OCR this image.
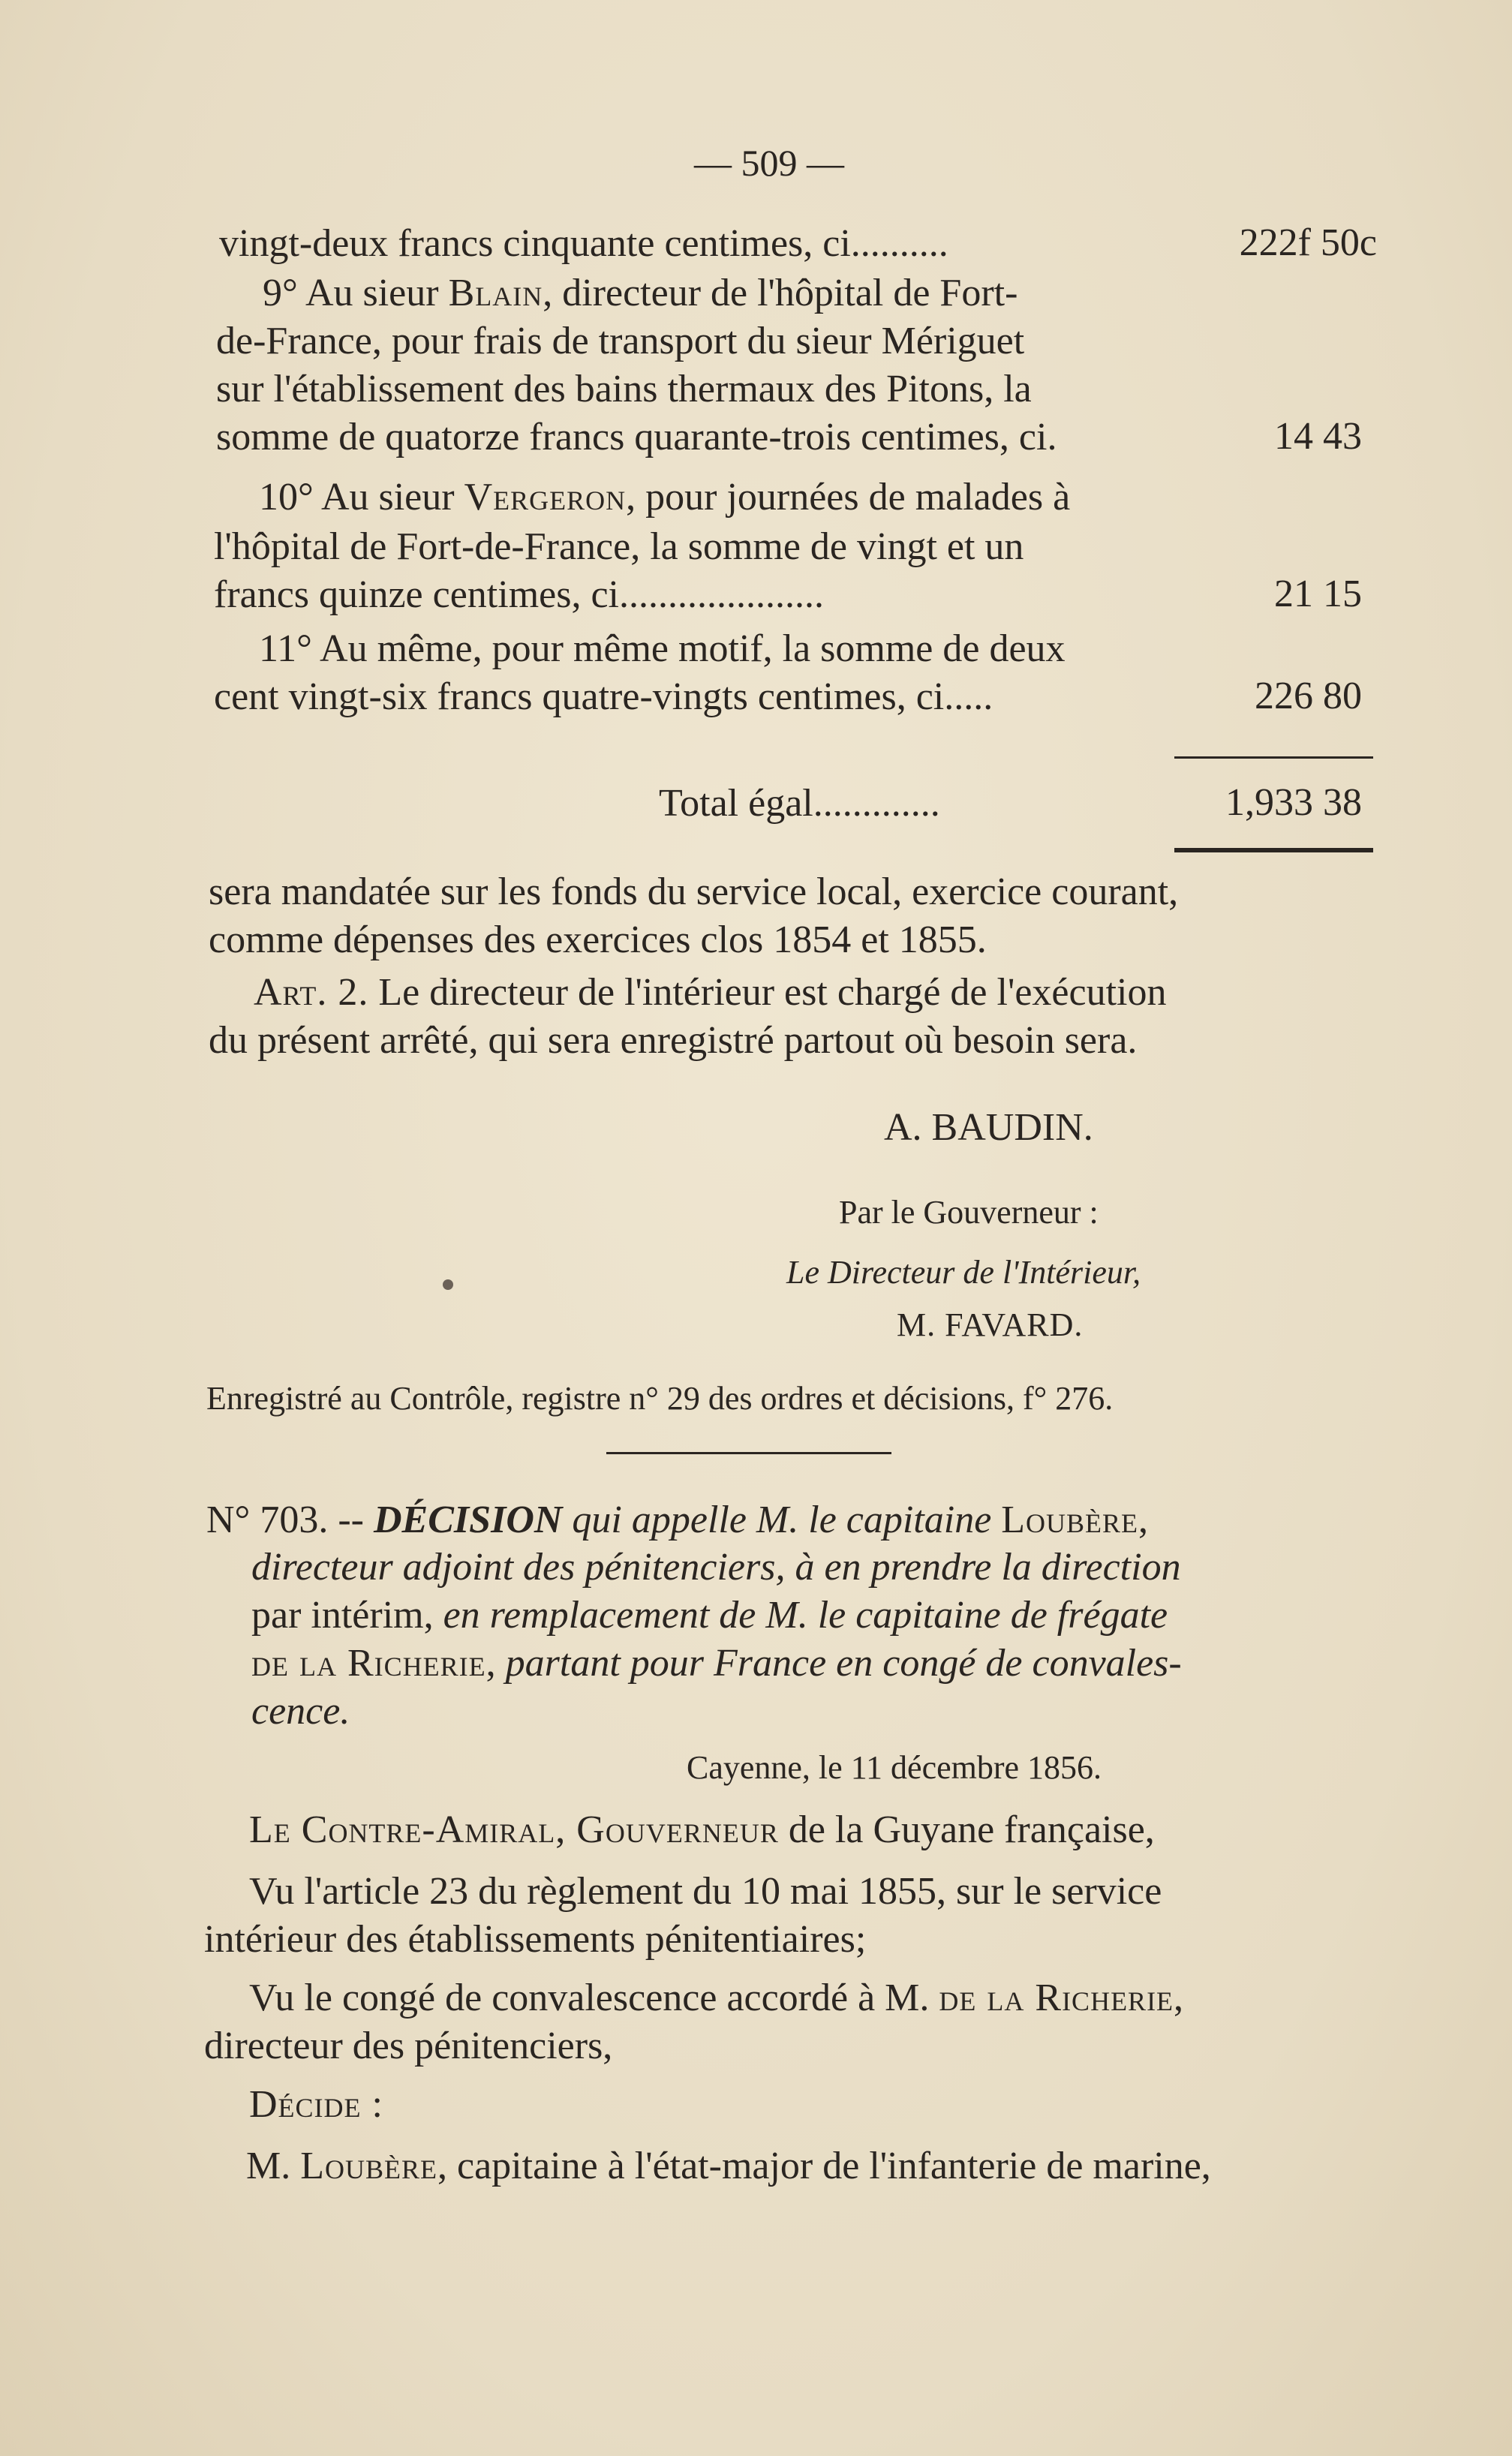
— 509 —
vingt-deux francs cinquante centimes, ci..........	222f 50c
9° Au sieur Blain, directeur de l'hôpital de Fort-
de-France, pour frais de transport du sieur Mériguet
sur l'établissement des bains thermaux des Pitons, la
somme de quatorze francs quarante-trois centimes, ci.	14 43
10° Au sieur Vergeron, pour journées de malades à
l'hôpital de Fort-de-France, la somme de vingt et un
francs quinze centimes, ci.....................	21 15
11° Au même, pour même motif, la somme de deux
cent vingt-six francs quatre-vingts centimes, ci.....	226 80
Total égal.............	1,933 38
sera mandatée sur les fonds du service local, exercice courant,
comme dépenses des exercices clos 1854 et 1855.
Art. 2. Le directeur de l'intérieur est chargé de l'exécution
du présent arrêté, qui sera enregistré partout où besoin sera.
A. BAUDIN.
Par le Gouverneur :
Le Directeur de l'Intérieur,
M. FAVARD.
Enregistré au Contrôle, registre n° 29 des ordres et décisions, f° 276.
N° 703. -- DÉCISION qui appelle M. le capitaine Loubère,
directeur adjoint des pénitenciers, à en prendre la direction
par intérim, en remplacement de M. le capitaine de frégate
de la Richerie, partant pour France en congé de convales-
cence.
Cayenne, le 11 décembre 1856.
Le Contre-Amiral, Gouverneur de la Guyane française,
Vu l'article 23 du règlement du 10 mai 1855, sur le service
intérieur des établissements pénitentiaires;
Vu le congé de convalescence accordé à M. de la Richerie,
directeur des pénitenciers,
Décide :
M. Loubère, capitaine à l'état-major de l'infanterie de marine,
